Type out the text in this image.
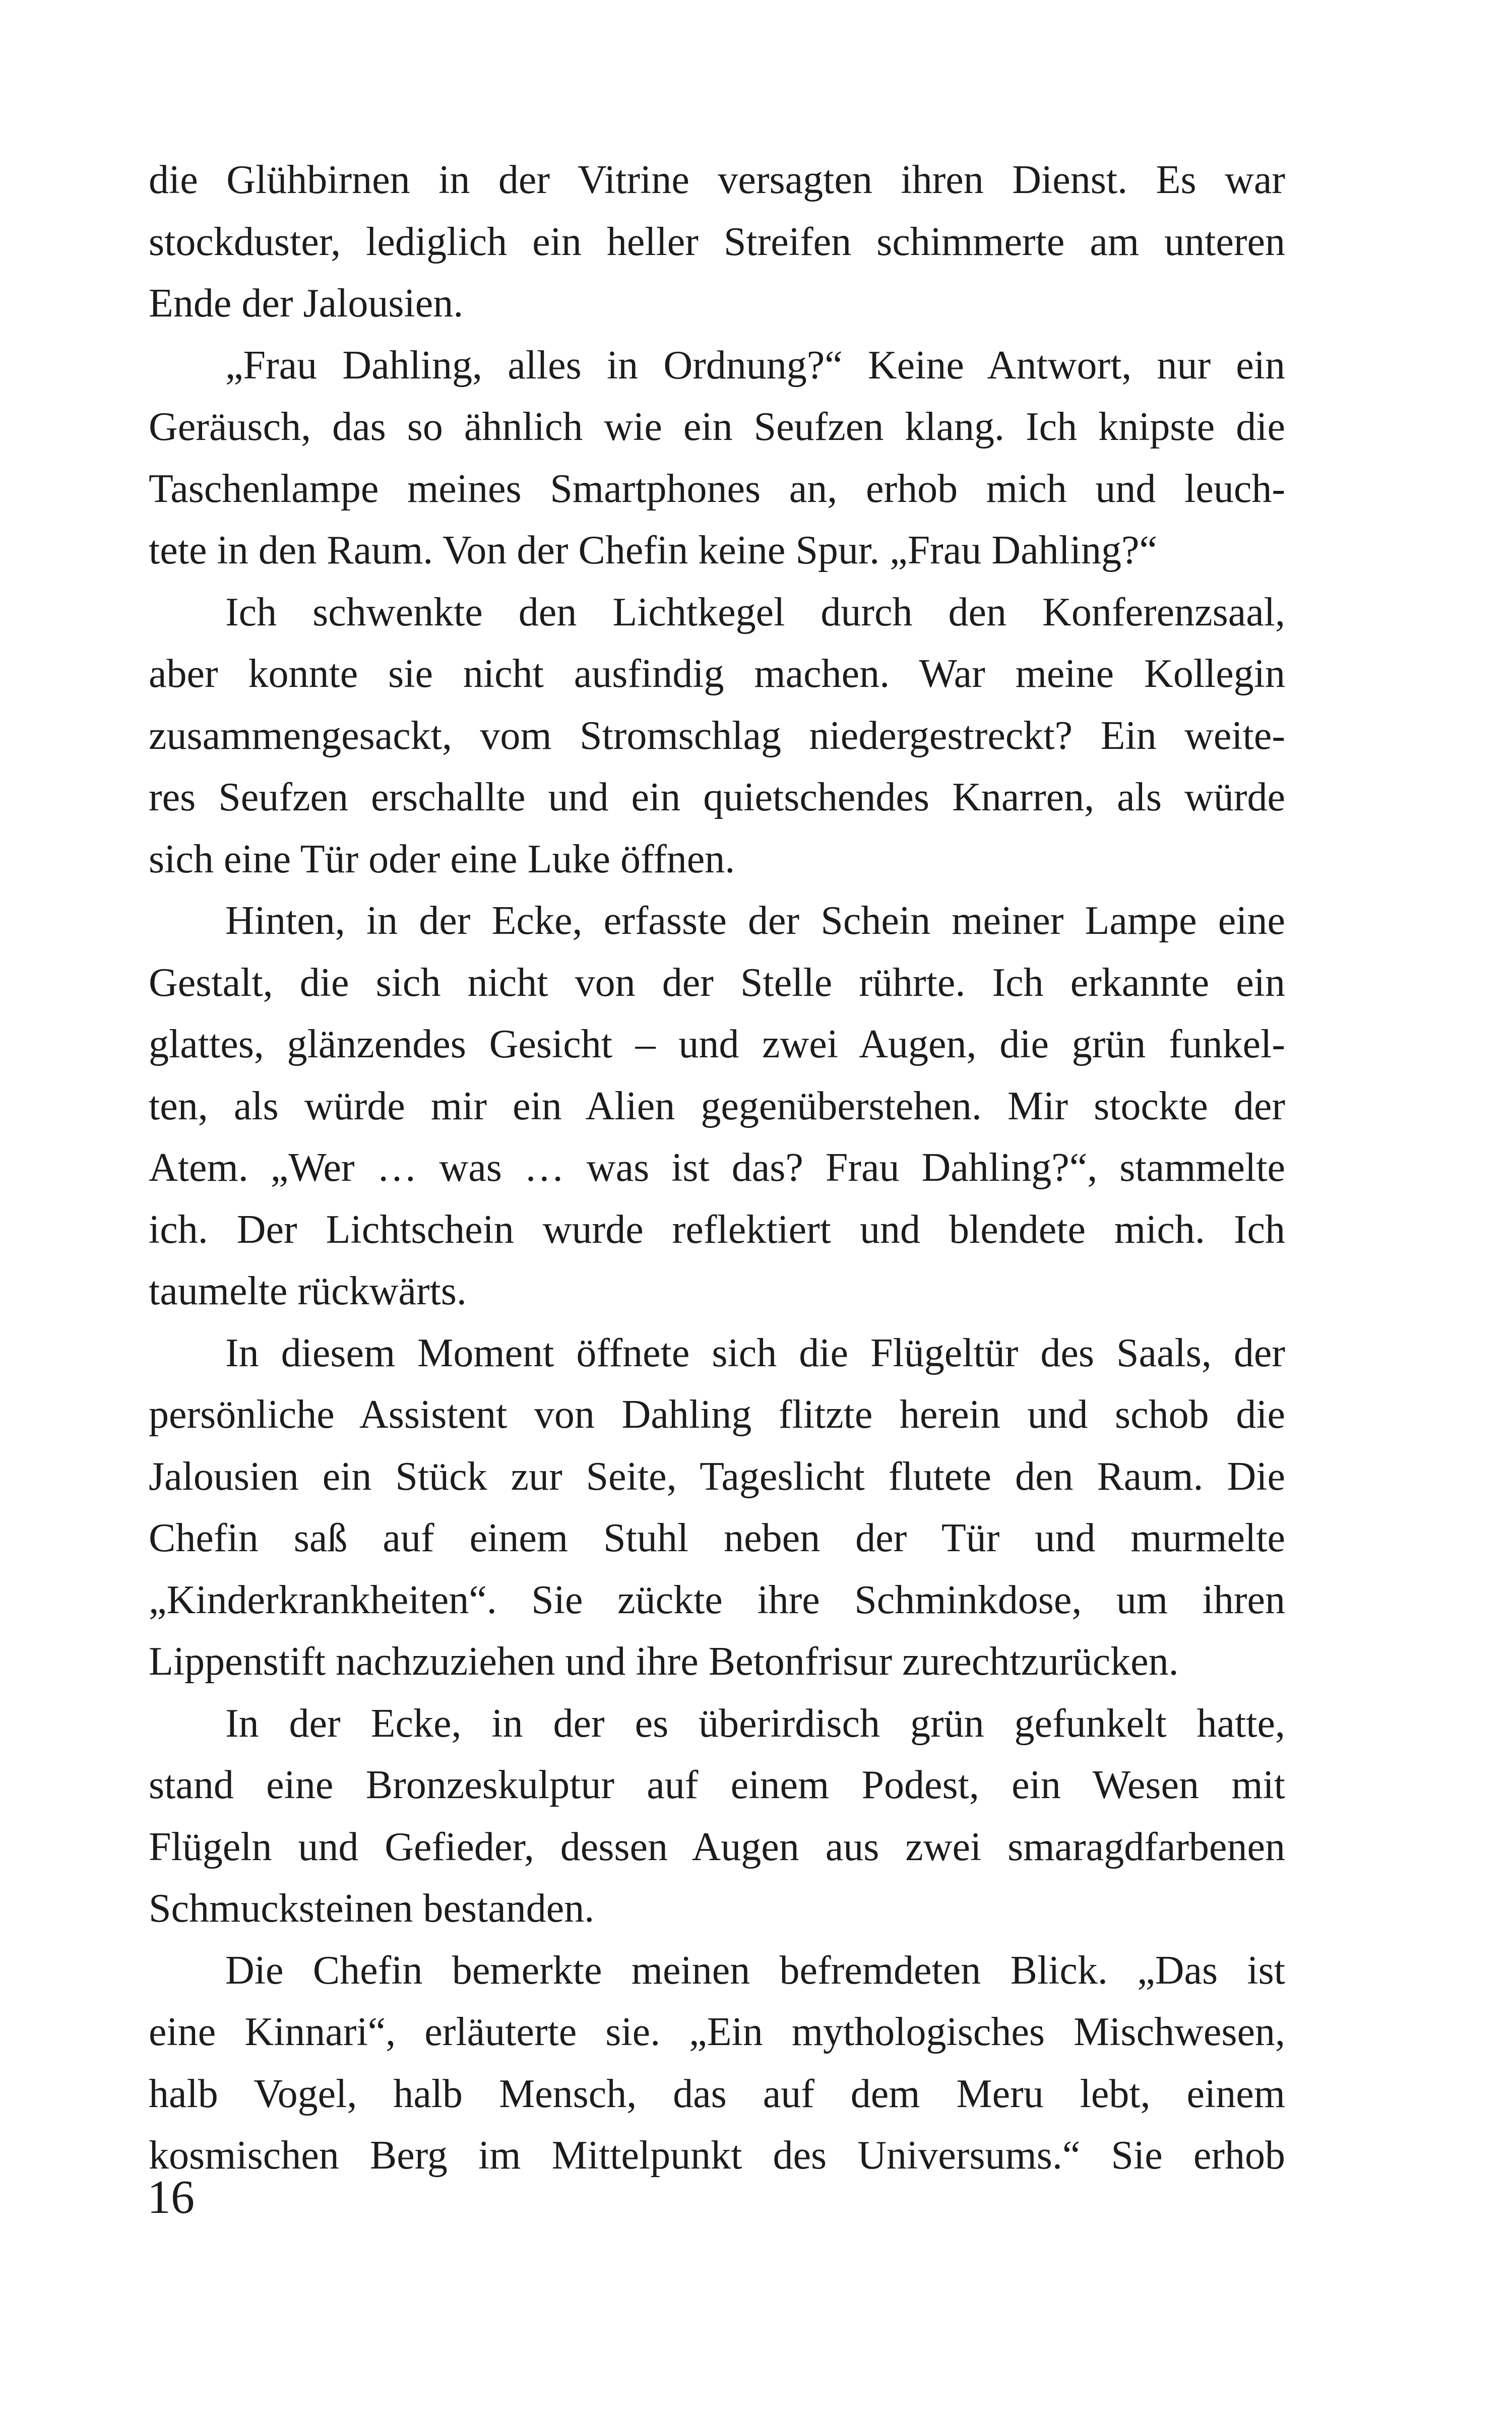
die Glühbirnen in der Vitrine versagten ihren Dienst. Es war
stockduster, lediglich ein heller Streifen schimmerte am unteren
Ende der Jalousien.
„Frau Dahling, alles in Ordnung?“ Keine Antwort, nur ein
Geräusch, das so ähnlich wie ein Seufzen klang. Ich knipste die
Taschenlampe meines Smartphones an, erhob mich und leuch-
tete in den Raum. Von der Chefin keine Spur. „Frau Dahling?“
Ich schwenkte den Lichtkegel durch den Konferenzsaal,
aber konnte sie nicht ausfindig machen. War meine Kollegin
zusammengesackt, vom Stromschlag niedergestreckt? Ein weite-
res Seufzen erschallte und ein quietschendes Knarren, als würde
sich eine Tür oder eine Luke öffnen.
Hinten, in der Ecke, erfasste der Schein meiner Lampe eine
Gestalt, die sich nicht von der Stelle rührte. Ich erkannte ein
glattes, glänzendes Gesicht – und zwei Augen, die grün funkel-
ten, als würde mir ein Alien gegenüberstehen. Mir stockte der
Atem. „Wer … was … was ist das? Frau Dahling?“, stammelte
ich. Der Lichtschein wurde reflektiert und blendete mich. Ich
taumelte rückwärts.
In diesem Moment öffnete sich die Flügeltür des Saals, der
persönliche Assistent von Dahling flitzte herein und schob die
Jalousien ein Stück zur Seite, Tageslicht flutete den Raum. Die
Chefin saß auf einem Stuhl neben der Tür und murmelte
„Kinderkrankheiten“. Sie zückte ihre Schminkdose, um ihren
Lippenstift nachzuziehen und ihre Betonfrisur zurechtzurücken.
In der Ecke, in der es überirdisch grün gefunkelt hatte,
stand eine Bronzeskulptur auf einem Podest, ein Wesen mit
Flügeln und Gefieder, dessen Augen aus zwei smaragdfarbenen
Schmucksteinen bestanden.
Die Chefin bemerkte meinen befremdeten Blick. „Das ist
eine Kinnari“, erläuterte sie. „Ein mythologisches Mischwesen,
halb Vogel, halb Mensch, das auf dem Meru lebt, einem
kosmischen Berg im Mittelpunkt des Universums.“ Sie erhob
16
